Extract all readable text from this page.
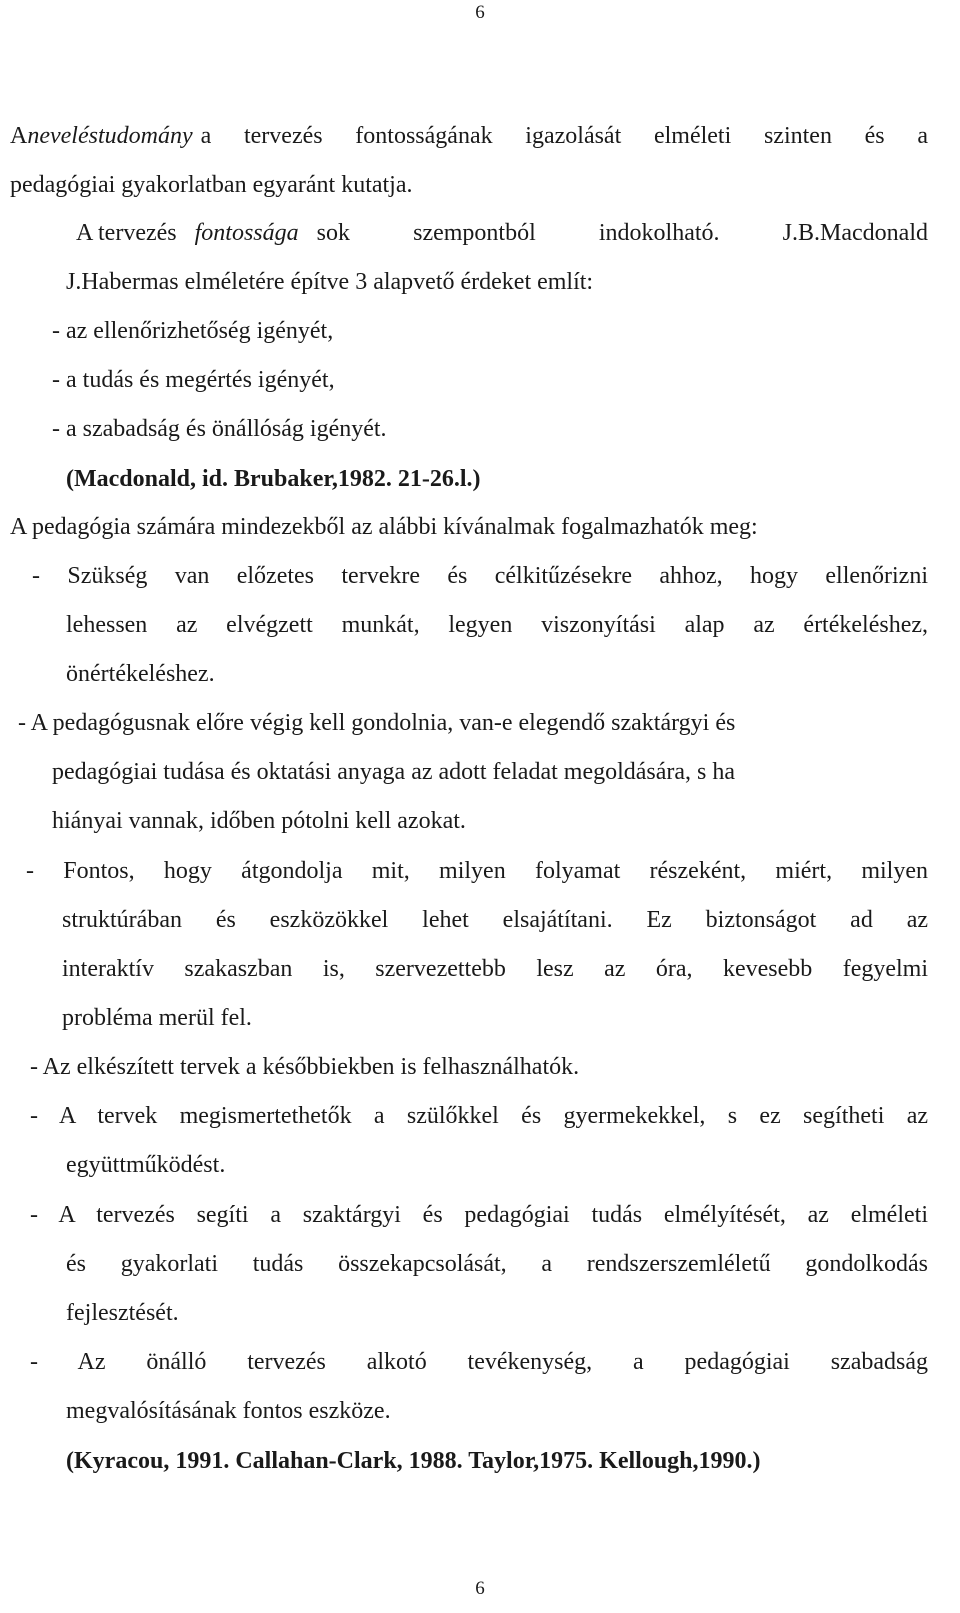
6
A neveléstudomány a tervezés fontosságának igazolását elméleti szinten és a
pedagógiai gyakorlatban egyaránt kutatja.
A tervezés fontossága sok szempontból indokolható. J.B.Macdonald
J.Habermas elméletére építve 3 alapvető érdeket említ:
- az ellenőrizhetőség igényét,
- a tudás és megértés igényét,
- a szabadság és önállóság igényét.
(Macdonald, id. Brubaker,1982. 21-26.l.)
A pedagógia számára mindezekből az alábbi kívánalmak fogalmazhatók meg:
- Szükség van előzetes tervekre és célkitűzésekre ahhoz, hogy ellenőrizni
lehessen az elvégzett munkát, legyen viszonyítási alap az értékeléshez,
önértékeléshez.
- A pedagógusnak előre végig kell gondolnia, van-e elegendő szaktárgyi és
pedagógiai tudása és oktatási anyaga az adott feladat megoldására, s ha
hiányai vannak, időben pótolni kell azokat.
- Fontos, hogy átgondolja mit, milyen folyamat részeként, miért, milyen
struktúrában és eszközökkel lehet elsajátítani. Ez biztonságot ad az
interaktív szakaszban is, szervezettebb lesz az óra, kevesebb fegyelmi
probléma merül fel.
- Az elkészített tervek a későbbiekben is felhasználhatók.
- A tervek megismertethetők a szülőkkel és gyermekekkel, s ez segítheti az
együttműködést.
- A tervezés segíti a szaktárgyi és pedagógiai tudás elmélyítését, az elméleti
és gyakorlati tudás összekapcsolását, a rendszerszemléletű gondolkodás
fejlesztését.
- Az önálló tervezés alkotó tevékenység, a pedagógiai szabadság
megvalósításának fontos eszköze.
(Kyracou, 1991. Callahan-Clark, 1988. Taylor,1975. Kellough,1990.)
6
